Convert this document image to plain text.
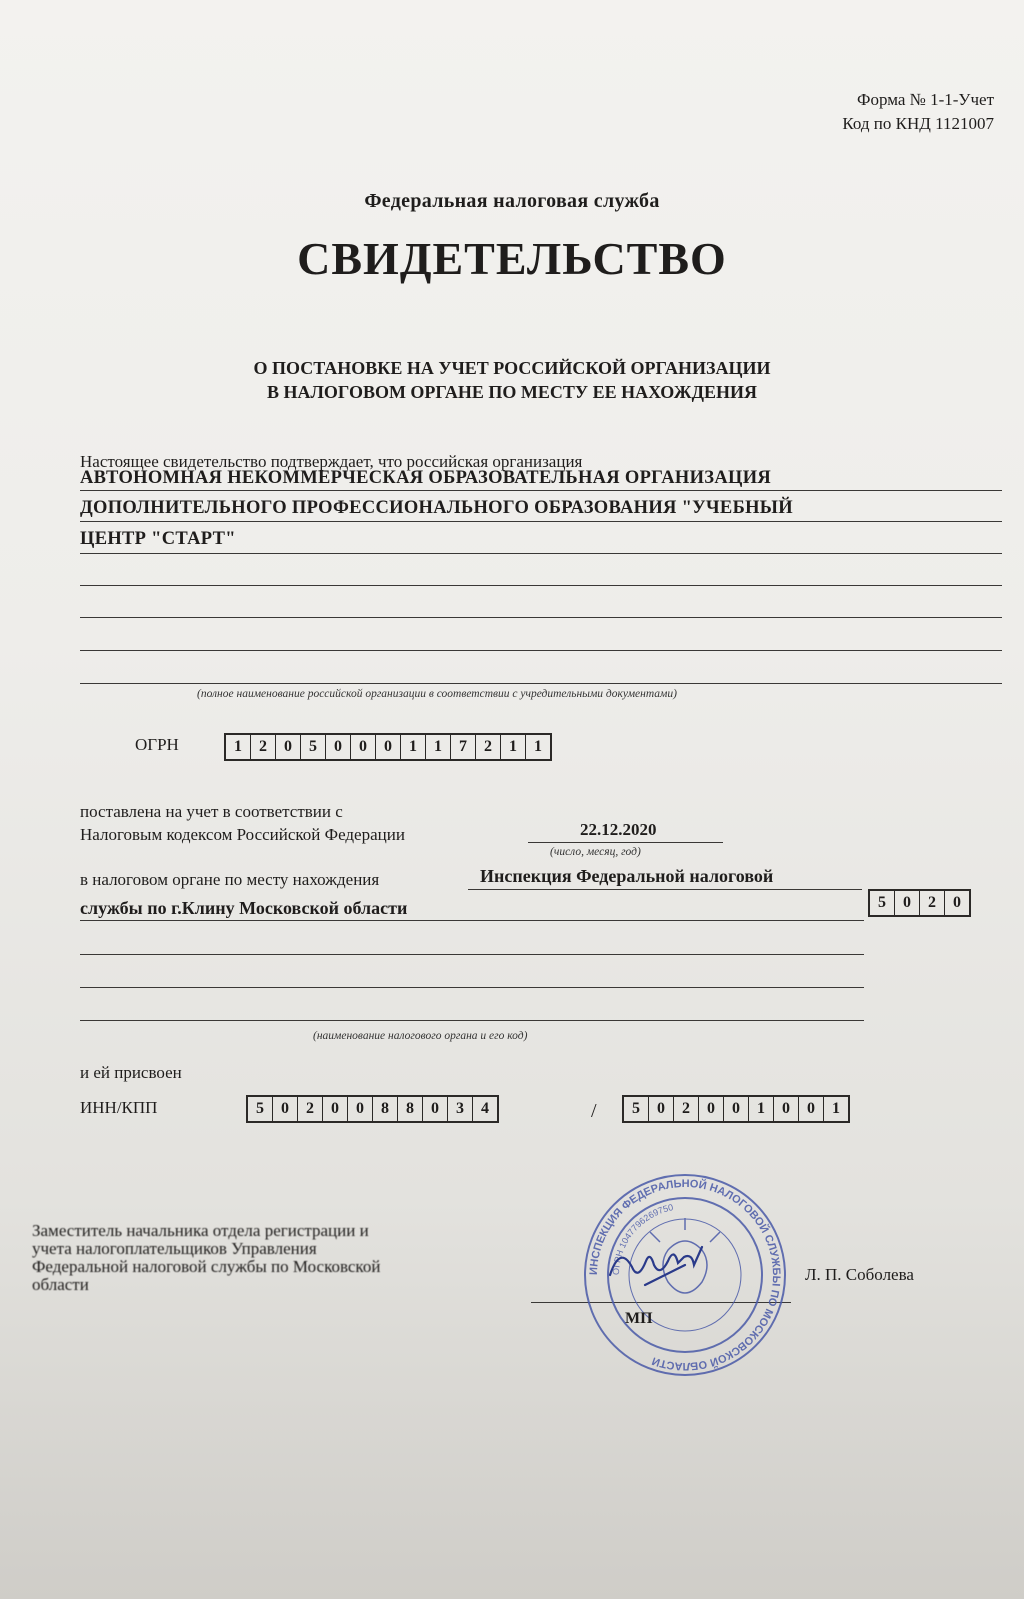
Форма № 1-1-Учет
Код по КНД 1121007
Федеральная налоговая служба
СВИДЕТЕЛЬСТВО
О ПОСТАНОВКЕ НА УЧЕТ РОССИЙСКОЙ ОРГАНИЗАЦИИ
В НАЛОГОВОМ ОРГАНЕ ПО МЕСТУ ЕЕ НАХОЖДЕНИЯ
Настоящее свидетельство подтверждает, что российская организация
АВТОНОМНАЯ НЕКОММЕРЧЕСКАЯ ОБРАЗОВАТЕЛЬНАЯ ОРГАНИЗАЦИЯ
ДОПОЛНИТЕЛЬНОГО ПРОФЕССИОНАЛЬНОГО ОБРАЗОВАНИЯ "УЧЕБНЫЙ
ЦЕНТР "СТАРТ"
(полное наименование российской организации в соответствии с учредительными документами)
ОГРН	1	2	0	5	0	0	0	1	1	7	2	1	1
поставлена на учет в соответствии с
Налоговым кодексом Российской Федерации	22.12.2020
(число, месяц, год)
в налоговом органе по месту нахождения	Инспекция Федеральной налоговой
службы по г.Клину Московской области	5	0	2	0
(наименование налогового органа и его код)
и ей присвоен
ИНН/КПП	5	0	2	0	0	8	8	0	3	4	/	5	0	2	0	0	1	0	0	1
Заместитель начальника отдела регистрации и
учета налогоплательщиков Управления
Федеральной налоговой службы по Московской
области
ИНСПЕКЦИЯ ФЕДЕРАЛЬНОЙ НАЛОГОВОЙ СЛУЖБЫ ПО МОСКОВСКОЙ ОБЛАСТИ
ОГРН 1047796269750
МП
Л. П. Соболева
